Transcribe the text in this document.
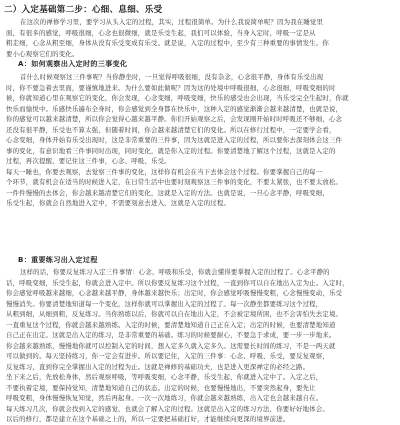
二）入定基础第二步：心细、息细、乐受
在这次的禅修学习里，要学习从头入定的过程，其实，过程很简单。为什么我说简单呢？因为我在睡觉里
面，有很多的感觉，呼吸很细，心念也很微细，就是乐受生起，我们可以体验，当身入定时，呼吸一定是从
粗走细，心念从粗至细，身体从没有乐受变成有乐受。就是说，入定的过程中，至少有三种重要的事情发生。你
要小心观察它们的变化。
A：如何观察出入定时的三事变化
首什么时候观察这三件事呢？当你静坐时，一旦觉得呼吸很细，没有杂念，心念很平静，身体有乐受出现
时，你不要急着去里面，要谨慎地进来。为什么要如此做呢？因为这的处境中呼吸很细，心念很细，呼吸变细的时
候，你就知道心里在观察它的变化，你会发现，心念变细，呼吸变细，快乐的感受也会出现，当乐受完全生起时，你就
快乐而愉悦中。乐感快乐遍布全身时，你会感觉到全身都在快乐中，这种入定的感觉渐渐会越来越清楚，也就是说，
你的感觉可以越来越清楚，所以你会觉得心越来越平静。你们开始观察之后，会发现刚开始时时呼吸还不够细，心念
还没有很平静，乐受也不算太强，但随着时间，你会越来越清楚它们的变化。所以在修行过程中，一定要学会看，
心念变细，身体开始有乐受出现时，这是非常重要的三件事，因为这就是进入定的过程，所以要你去深刻体会这三件
事的变化，有意识地看三件事同时出现，同时变化，就是你入定的过程。你要清楚地了解这个过程，这就是入定的
过程，再次提醒，要记住这三件事，心念、呼吸、乐受。
每天一睡也，你要去观察，去觉察三件事的变化，这样你有机会在当下去体会这个过程。你要掌握自己的每一
个环节，就有机会在适当的时候进入定，在日常生活中也要时刻观察这三件事的变化，不要太紧张，也不要太放松。
一件件慢慢的去体会，你会越来越清楚它们的变化，这就是入定的方法。也就是说，一旦心念平静，呼吸变细，
乐受生起，你就会自然地进入定中，不需要刻意去进入，这就是入定的过程。
B：重要练习出入定过程
这样的话，你要反复练习入定三件事情：心念、呼吸和乐受，你就会懂得要掌握入定的过程了。心念平静的
话，呼吸变细，乐受生起，你就会进入定中。所以你要反复练习这个过程，一直到你可以自在地出入定为止。入定时，
你会感觉呼吸越来越细，心念越来越平静，身体越来越快乐；出定时，你会感觉呼吸慢慢变粗，心念慢慢变动，乐受
慢慢消失。你要清楚地知道每一个变化，这样你就可以掌握出入定的过程了。每一次静坐都要练习这个过程，
从粗到细，从细到粗，反复练习。当你熟练以后，你就可以自在地出入定，不会被定境所困，也不会害怕失去定境。
一直重复这个过程，你就会越来越熟练。入定的时候，要清楚地知道自己正在入定；出定的时候，也要清楚地知道
自己正在出定。这就是出入定的练习，是非常重要的基础。练习的时候要耐心，不要急于求成，要一步一步地来。
你会越来越熟练，慢慢地你就可以控制入定的时间，想入定多久就入定多久。这需要长时间的练习，不是一两天就
可以做到的。每天坚持练习，你一定会有进步。所以要记住，入定的三件事：心念、呼吸、乐受，要反复观察，
反复练习，直到你完全掌握出入定的过程为止。这就是禅修的基础功夫，也是进入更深禅定的必经之路。
坐下来之后，先放松身体，然后观察呼吸，等呼吸变细，心念平静，乐受生起，你就进入定中了。入定之后，
不要执着定境，要保持觉知，清楚地知道自己的状态。出定的时候，也要慢慢地出，不要突然起身，要先让
呼吸变粗，身体慢慢恢复知觉，然后再起身。一次一次地练习，你就会越来越熟练，出入定也会越来越自在。
每天练习几次，你就会找到入定的感觉，也就会了解入定的过程。这就是出入定的练习方法，你要好好地体会。
以后的修行，都是建立在这个基础之上的，所以一定要把基础打好，才能继续向更深的境界前进。
